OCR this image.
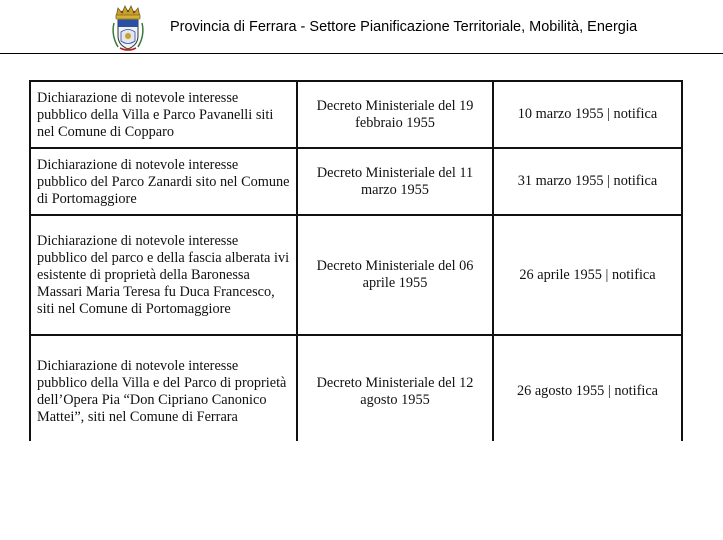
Provincia di Ferrara - Settore Pianificazione Territoriale, Mobilità, Energia
Dichiarazione di notevole interesse pubblico della Villa e Parco Pavanelli siti nel Comune di Copparo	Decreto Ministeriale del 19 febbraio 1955	10 marzo 1955 | notifica
Dichiarazione di notevole interesse pubblico del Parco Zanardi sito nel Comune di Portomaggiore	Decreto Ministeriale del 11 marzo 1955	31 marzo 1955 | notifica
Dichiarazione di notevole interesse pubblico del parco e della fascia alberata ivi esistente di proprietà della Baronessa Massari Maria Teresa fu Duca Francesco, siti nel Comune di Portomaggiore	Decreto Ministeriale del 06 aprile 1955	26 aprile 1955 | notifica
Dichiarazione di notevole interesse pubblico della Villa e del Parco di proprietà dell’Opera Pia “Don Cipriano Canonico Mattei”, siti nel Comune di Ferrara	Decreto Ministeriale del 12 agosto 1955	26 agosto 1955 | notifica
